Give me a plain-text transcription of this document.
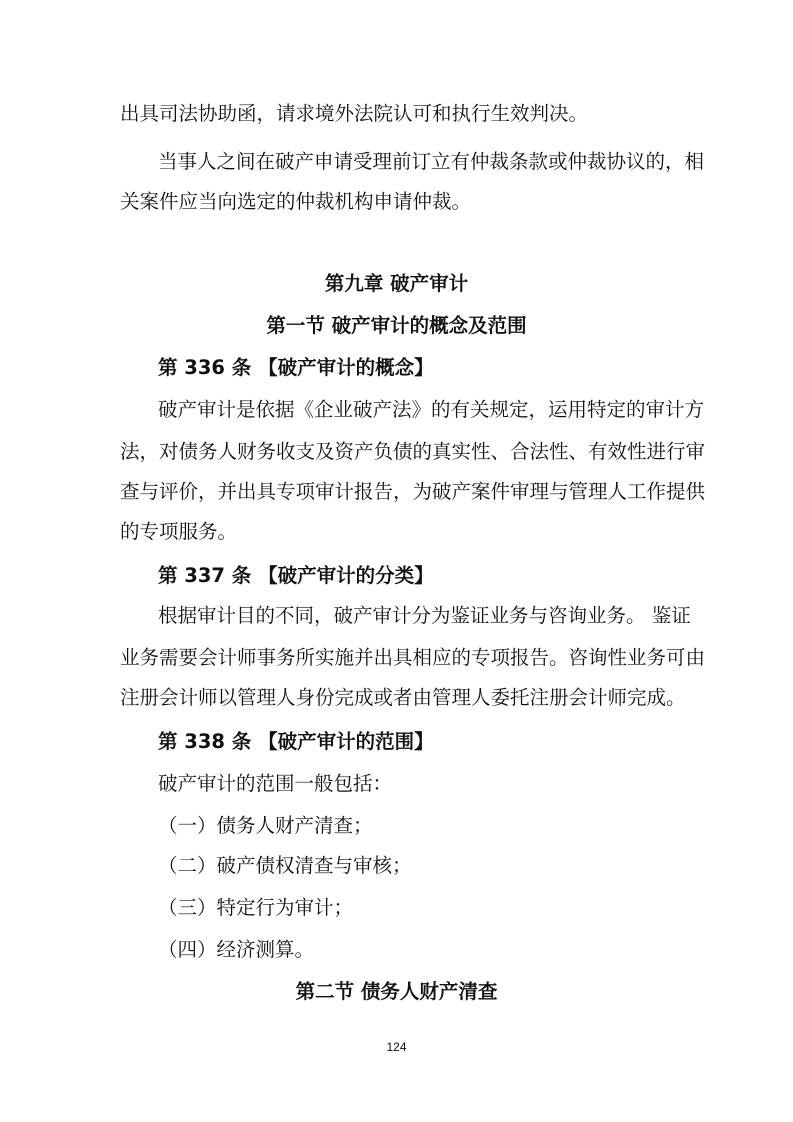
出具司法协助函，请求境外法院认可和执行生效判决。
当事人之间在破产申请受理前订立有仲裁条款或仲裁协议的，相
关案件应当向选定的仲裁机构申请仲裁。
第九章 破产审计
第一节 破产审计的概念及范围
第 336 条 【破产审计的概念】
破产审计是依据《企业破产法》的有关规定，运用特定的审计方
法，对债务人财务收支及资产负债的真实性、合法性、有效性进行审
查与评价，并出具专项审计报告，为破产案件审理与管理人工作提供
的专项服务。
第 337 条 【破产审计的分类】
根据审计目的不同，破产审计分为鉴证业务与咨询业务。 鉴证
业务需要会计师事务所实施并出具相应的专项报告。咨询性业务可由
注册会计师以管理人身份完成或者由管理人委托注册会计师完成。
第 338 条 【破产审计的范围】
破产审计的范围一般包括：
（一）债务人财产清查；
（二）破产债权清查与审核；
（三）特定行为审计；
（四）经济测算。
第二节 债务人财产清查
124
